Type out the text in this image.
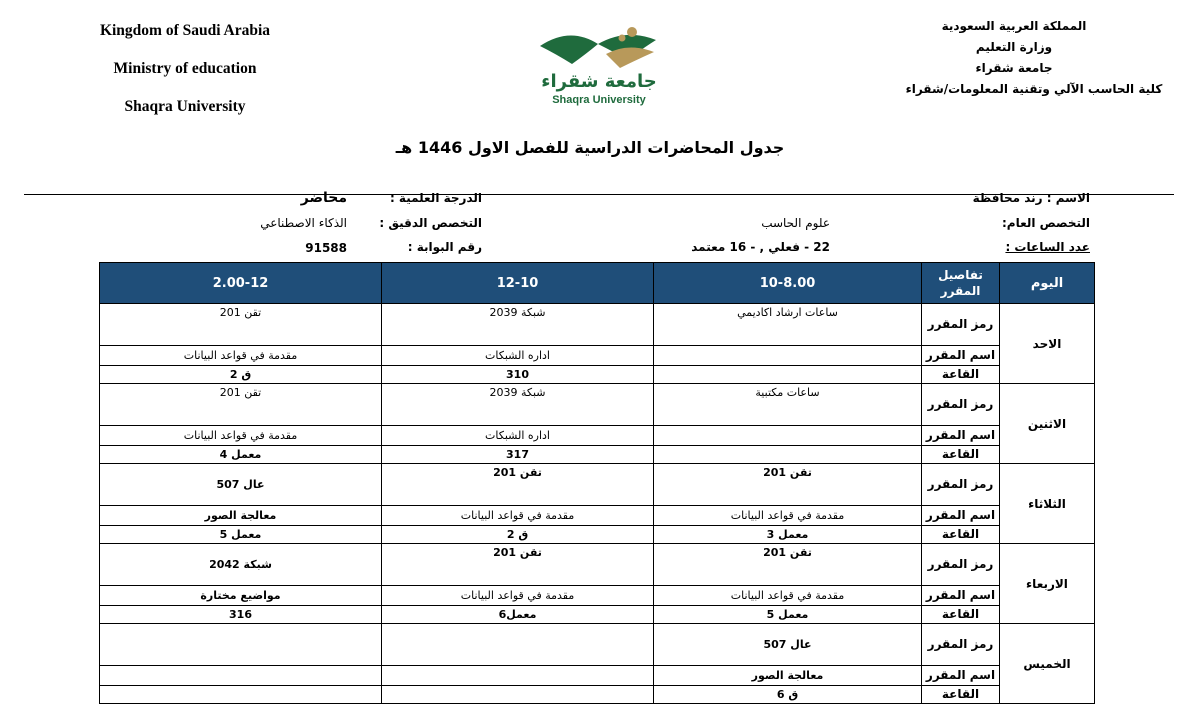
Kingdom of Saudi Arabia
Ministry of education
Shaqra University
جامعة شقراء
Shaqra University
المملكة العربية السعودية
وزارة التعليم
جامعة شقراء
كلية الحاسب الآلي وتقنية المعلومات/شقراء
جدول المحاضرات الدراسية للفصل الاول 1446 هـ
الاسم : رند محافظة
التخصص العام:
علوم الحاسب
عدد الساعات :
22 - فعلي , - 16 معتمد
الدرجة العلمية :
محاضر
التخصص الدقيق :
الذكاء الاصطناعي
رقم البوابة :
91588
اليوم	تفاصيل المقرر	10-8.00	12-10	2.00-12
الاحد	رمز المقرر	ساعات ارشاد اكاديمي	شبكة 2039	تقن 201
	اسم المقرر		اداره الشبكات	مقدمة في قواعد البيانات
	القاعة		310	ق 2
الاثنين	رمز المقرر	ساعات مكتبية	شبكة 2039	تقن 201
	اسم المقرر		اداره الشبكات	مقدمة في قواعد البيانات
	القاعة		317	معمل 4
الثلاثاء	رمز المقرر	تقن 201	تقن 201	عال 507
	اسم المقرر	مقدمة في قواعد البيانات	مقدمة في قواعد البيانات	معالجة الصور
	القاعة	معمل 3	ق 2	معمل 5
الاربعاء	رمز المقرر	تقن 201	تقن 201	شبكة 2042
	اسم المقرر	مقدمة في قواعد البيانات	مقدمة في قواعد البيانات	مواضيع مختارة
	القاعة	معمل 5	معمل6	316
الخميس	رمز المقرر	عال 507		
	اسم المقرر	معالجة الصور		
	القاعة	ق 6		
